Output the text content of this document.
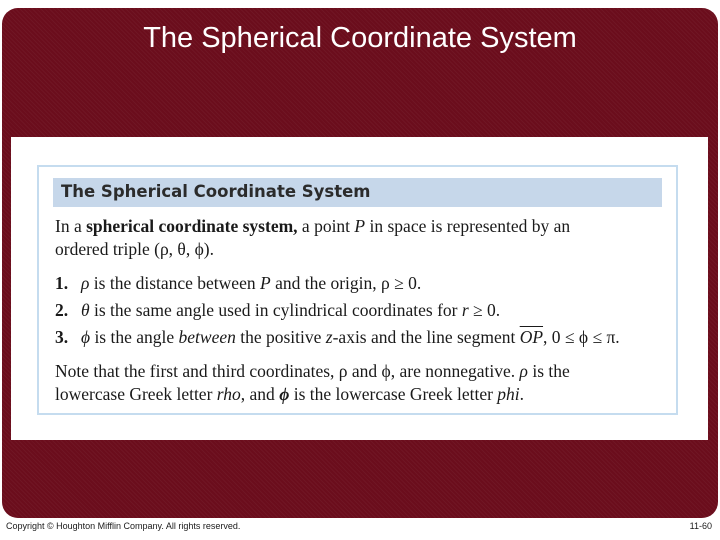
The Spherical Coordinate System
The Spherical Coordinate System
In a spherical coordinate system, a point P in space is represented by an
ordered triple (ρ, θ, ϕ).
1. ρ is the distance between P and the origin, ρ ≥ 0.
2. θ is the same angle used in cylindrical coordinates for r ≥ 0.
3. ϕ is the angle between the positive z-axis and the line segment $\overline{OP}$, 0 ≤ ϕ ≤ π.
Note that the first and third coordinates, ρ and ϕ, are nonnegative. ρ is the
lowercase Greek letter rho, and ϕ is the lowercase Greek letter phi.
Copyright © Houghton Mifflin Company. All rights reserved.	11-60
